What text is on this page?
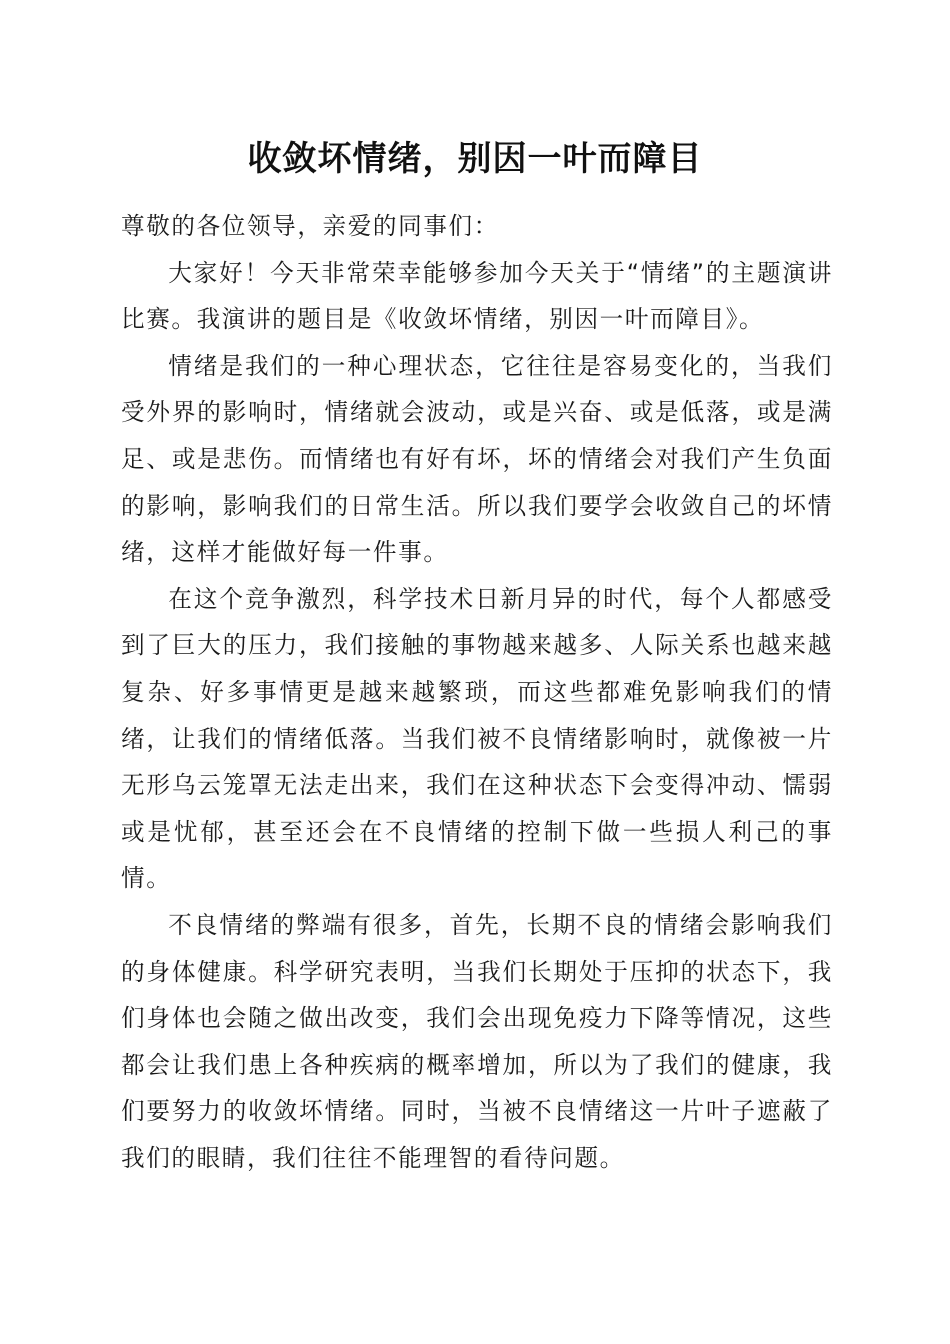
收敛坏情绪，别因一叶而障目

尊敬的各位领导，亲爱的同事们：

大家好！今天非常荣幸能够参加今天关于“情绪”的主题演讲比赛。我演讲的题目是《收敛坏情绪，别因一叶而障目》。

情绪是我们的一种心理状态，它往往是容易变化的，当我们受外界的影响时，情绪就会波动，或是兴奋、或是低落，或是满足、或是悲伤。而情绪也有好有坏，坏的情绪会对我们产生负面的影响，影响我们的日常生活。所以我们要学会收敛自己的坏情绪，这样才能做好每一件事。

在这个竞争激烈，科学技术日新月异的时代，每个人都感受到了巨大的压力，我们接触的事物越来越多、人际关系也越来越复杂、好多事情更是越来越繁琐，而这些都难免影响我们的情绪，让我们的情绪低落。当我们被不良情绪影响时，就像被一片无形乌云笼罩无法走出来，我们在这种状态下会变得冲动、懦弱或是忧郁，甚至还会在不良情绪的控制下做一些损人利己的事情。

不良情绪的弊端有很多，首先，长期不良的情绪会影响我们的身体健康。科学研究表明，当我们长期处于压抑的状态下，我们身体也会随之做出改变，我们会出现免疫力下降等情况，这些都会让我们患上各种疾病的概率增加，所以为了我们的健康，我们要努力的收敛坏情绪。同时，当被不良情绪这一片叶子遮蔽了我们的眼睛，我们往往不能理智的看待问题。
